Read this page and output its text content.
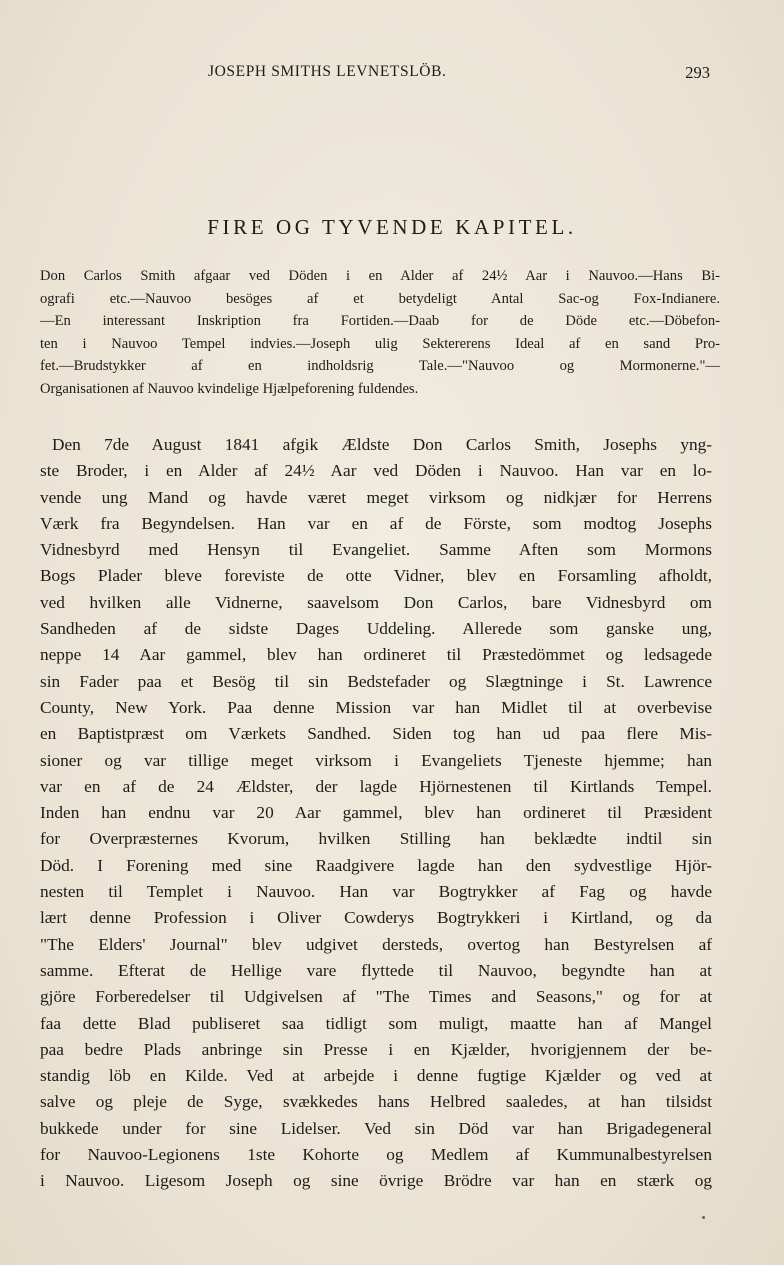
JOSEPH SMITHS LEVNETSLÖB.	293
FIRE OG TYVENDE KAPITEL.
Don Carlos Smith afgaar ved Döden i en Alder af 24½ Aar i Nauvoo.—Hans Bi-
ografi etc.—Nauvoo besöges af et betydeligt Antal Sac-og Fox-Indianere.
—En interessant Inskription fra Fortiden.—Daab for de Döde etc.—Döbefon-
ten i Nauvoo Tempel indvies.—Joseph ulig Sektererens Ideal af en sand Pro-
fet.—Brudstykker af en indholdsrig Tale.—"Nauvoo og Mormonerne."—
Organisationen af Nauvoo kvindelige Hjælpeforening fuldendes.
Den 7de August 1841 afgik Ældste Don Carlos Smith, Josephs yng-
ste Broder, i en Alder af 24½ Aar ved Döden i Nauvoo. Han var en lo-
vende ung Mand og havde været meget virksom og nidkjær for Herrens
Værk fra Begyndelsen. Han var en af de Förste, som modtog Josephs
Vidnesbyrd med Hensyn til Evangeliet. Samme Aften som Mormons
Bogs Plader bleve foreviste de otte Vidner, blev en Forsamling afholdt,
ved hvilken alle Vidnerne, saavelsom Don Carlos, bare Vidnesbyrd om
Sandheden af de sidste Dages Uddeling. Allerede som ganske ung,
neppe 14 Aar gammel, blev han ordineret til Præstedömmet og ledsagede
sin Fader paa et Besög til sin Bedstefader og Slægtninge i St. Lawrence
County, New York. Paa denne Mission var han Midlet til at overbevise
en Baptistpræst om Værkets Sandhed. Siden tog han ud paa flere Mis-
sioner og var tillige meget virksom i Evangeliets Tjeneste hjemme; han
var en af de 24 Ældster, der lagde Hjörnestenen til Kirtlands Tempel.
Inden han endnu var 20 Aar gammel, blev han ordineret til Præsident
for Overpræsternes Kvorum, hvilken Stilling han beklædte indtil sin
Död. I Forening med sine Raadgivere lagde han den sydvestlige Hjör-
nesten til Templet i Nauvoo. Han var Bogtrykker af Fag og havde
lært denne Profession i Oliver Cowderys Bogtrykkeri i Kirtland, og da
"The Elders' Journal" blev udgivet dersteds, overtog han Bestyrelsen af
samme. Efterat de Hellige vare flyttede til Nauvoo, begyndte han at
gjöre Forberedelser til Udgivelsen af "The Times and Seasons," og for at
faa dette Blad publiseret saa tidligt som muligt, maatte han af Mangel
paa bedre Plads anbringe sin Presse i en Kjælder, hvorigjennem der be-
standig löb en Kilde. Ved at arbejde i denne fugtige Kjælder og ved at
salve og pleje de Syge, svækkedes hans Helbred saaledes, at han tilsidst
bukkede under for sine Lidelser. Ved sin Död var han Brigadegeneral
for Nauvoo-Legionens 1ste Kohorte og Medlem af Kummunalbestyrelsen
i Nauvoo. Ligesom Joseph og sine övrige Brödre var han en stærk og
